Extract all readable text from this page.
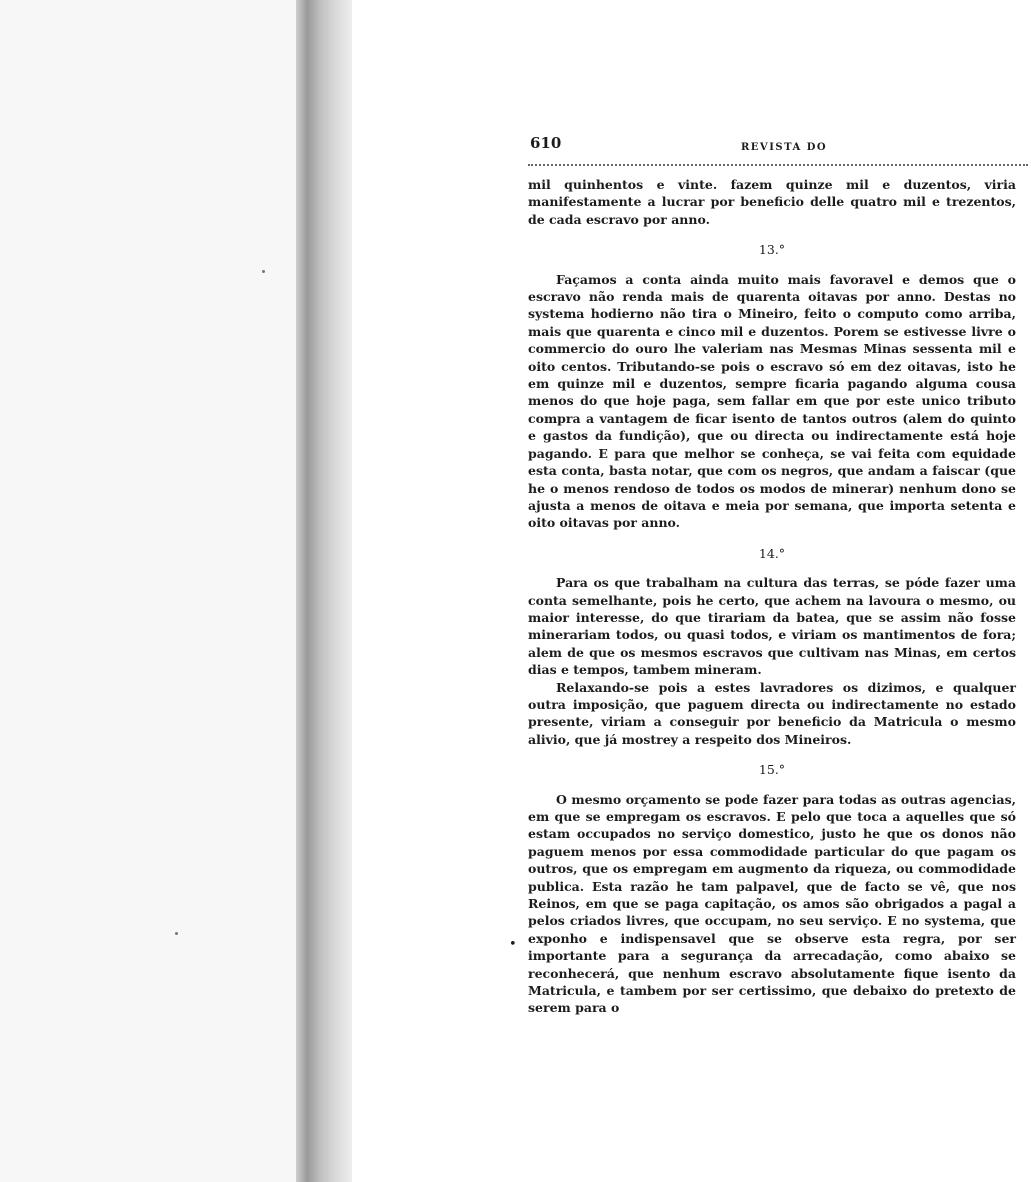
610	REVISTA DO

mil quinhentos e vinte. fazem quinze mil e duzentos, viria manifestamente a lucrar por beneficio delle quatro mil e trezentos, de cada escravo por anno.

13.°

Façamos a conta ainda muito mais favoravel e demos que o escravo não renda mais de quarenta oitavas por anno. Destas no systema hodierno não tira o Mineiro, feito o computo como arriba, mais que quarenta e cinco mil e duzentos. Porem se estivesse livre o commercio do ouro lhe valeriam nas Mesmas Minas sessenta mil e oito centos. Tributando-se pois o escravo só em dez oitavas, isto he em quinze mil e duzentos, sempre ficaria pagando alguma cousa menos do que hoje paga, sem fallar em que por este unico tributo compra a vantagem de ficar isento de tantos outros (alem do quinto e gastos da fundição), que ou directa ou indirectamente está hoje pagando. E para que melhor se conheça, se vai feita com equidade esta conta, basta notar, que com os negros, que andam a faiscar (que he o menos rendoso de todos os modos de minerar) nenhum dono se ajusta a menos de oitava e meia por semana, que importa setenta e oito oitavas por anno.

14.°

Para os que trabalham na cultura das terras, se póde fazer uma conta semelhante, pois he certo, que achem na lavoura o mesmo, ou maior interesse, do que tirariam da batea, que se assim não fosse minerariam todos, ou quasi todos, e viriam os mantimentos de fora; alem de que os mesmos escravos que cultivam nas Minas, em certos dias e tempos, tambem mineram.

Relaxando-se pois a estes lavradores os dizimos, e qualquer outra imposição, que paguem directa ou indirectamente no estado presente, viriam a conseguir por beneficio da Matricula o mesmo alivio, que já mostrey a respeito dos Mineiros.

15.°

O mesmo orçamento se pode fazer para todas as outras agencias, em que se empregam os escravos. E pelo que toca a aquelles que só estam occupados no serviço domestico, justo he que os donos não paguem menos por essa commodidade particular do que pagam os outros, que os empregam em augmento da riqueza, ou commodidade publica. Esta razão he tam palpavel, que de facto se vê, que nos Reinos, em que se paga capitação, os amos são obrigados a pagal a pelos criados livres, que occupam, no seu serviço. E no systema, que exponho e indispensavel que se observe esta regra, por ser importante para a segurança da arrecadação, como abaixo se reconhecerá, que nenhum escravo absolutamente fique isento da Matricula, e tambem por ser certissimo, que debaixo do pretexto de serem para o

•
